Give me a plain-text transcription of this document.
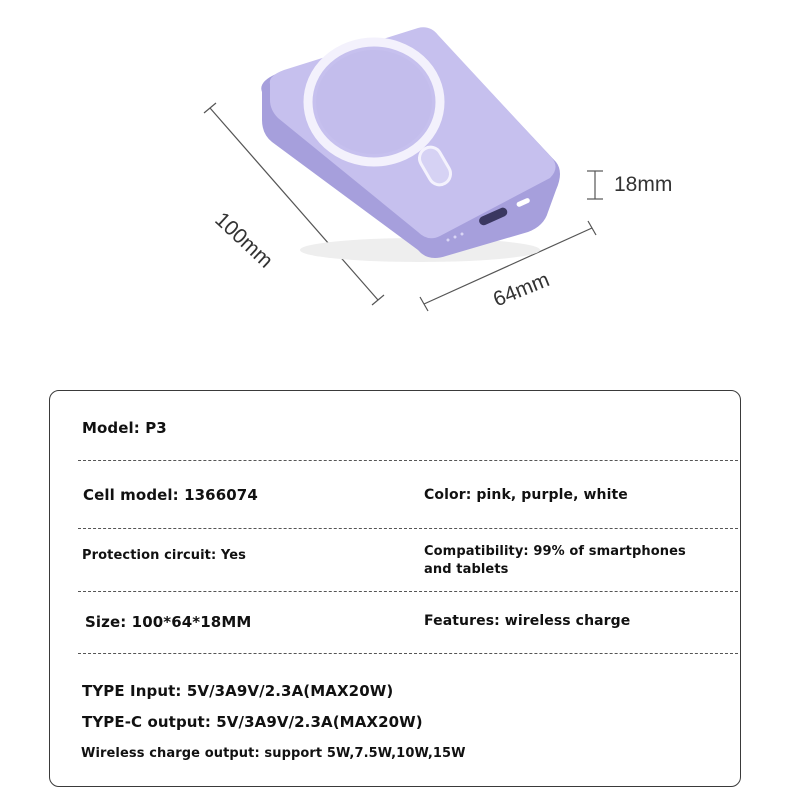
100mm
64mm
18mm
Model: P3
Cell model: 1366074	Color: pink, purple, white
Protection circuit: Yes	Compatibility: 99% of smartphones and tablets
Size: 100*64*18MM	Features: wireless charge
TYPE Input: 5V/3A9V/2.3A(MAX20W)
TYPE-C output: 5V/3A9V/2.3A(MAX20W)
Wireless charge output: support 5W,7.5W,10W,15W
